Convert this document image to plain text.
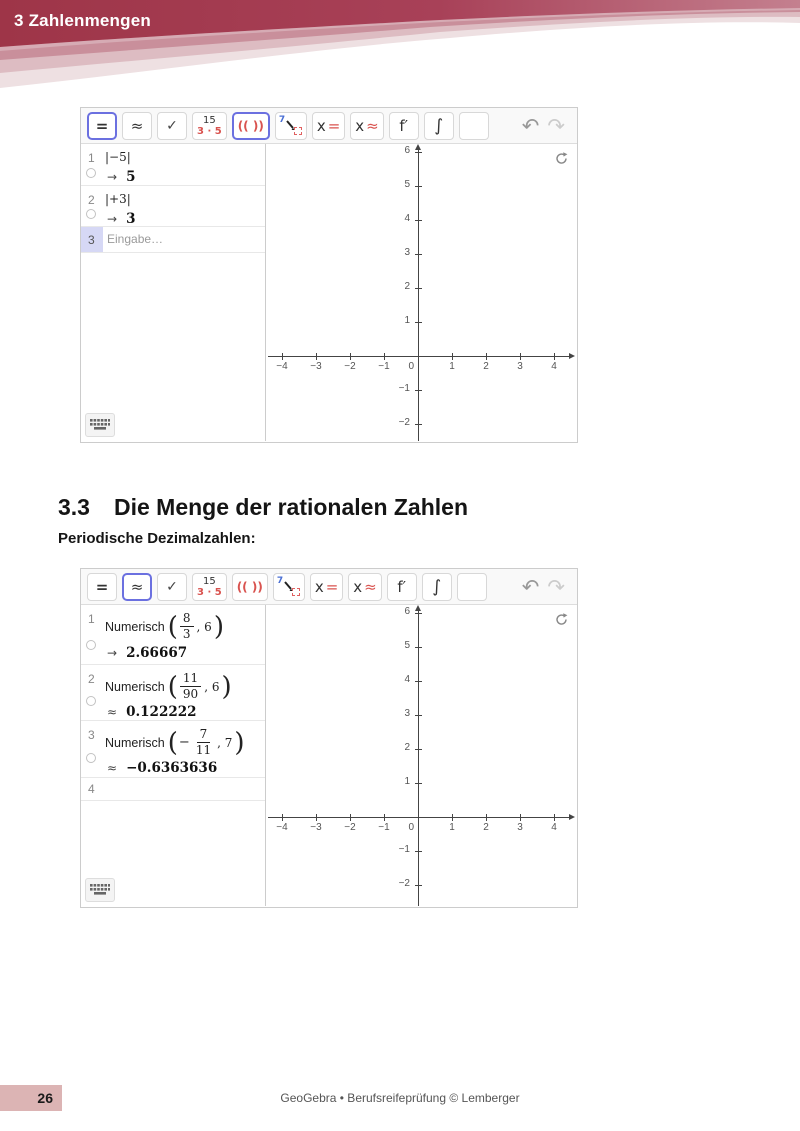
3 Zahlenmengen
= ≈ ✓	15
3 · 5 (( )) 7 x = x ≈ f′ ∫	↶ ↷
1 |−5|
→ 5
2 |+3|
→ 3
3 Eingabe…
−4	−3	−2	−1	0	1	2	3	4
−2
−1
1
2
3
4
5
6
3.3 Die Menge der rationalen Zahlen
Periodische Dezimalzahlen:
= ≈ ✓	15
3 · 5 (( )) 7 x = x ≈ f′ ∫	↶ ↷
1
Numerisch ( $\frac{8}{3}$ , 6 )
→ 2.66667
2
Numerisch ( $\frac{11}{90}$ , 6 )
≈ 0.122222
3
Numerisch ( − $\frac{7}{11}$ , 7 )
≈ −0.6363636
4
−4	−3	−2	−1	0	1	2	3	4
−2
−1
1
2
3
4
5
6
26	GeoGebra • Berufsreifeprüfung © Lemberger
